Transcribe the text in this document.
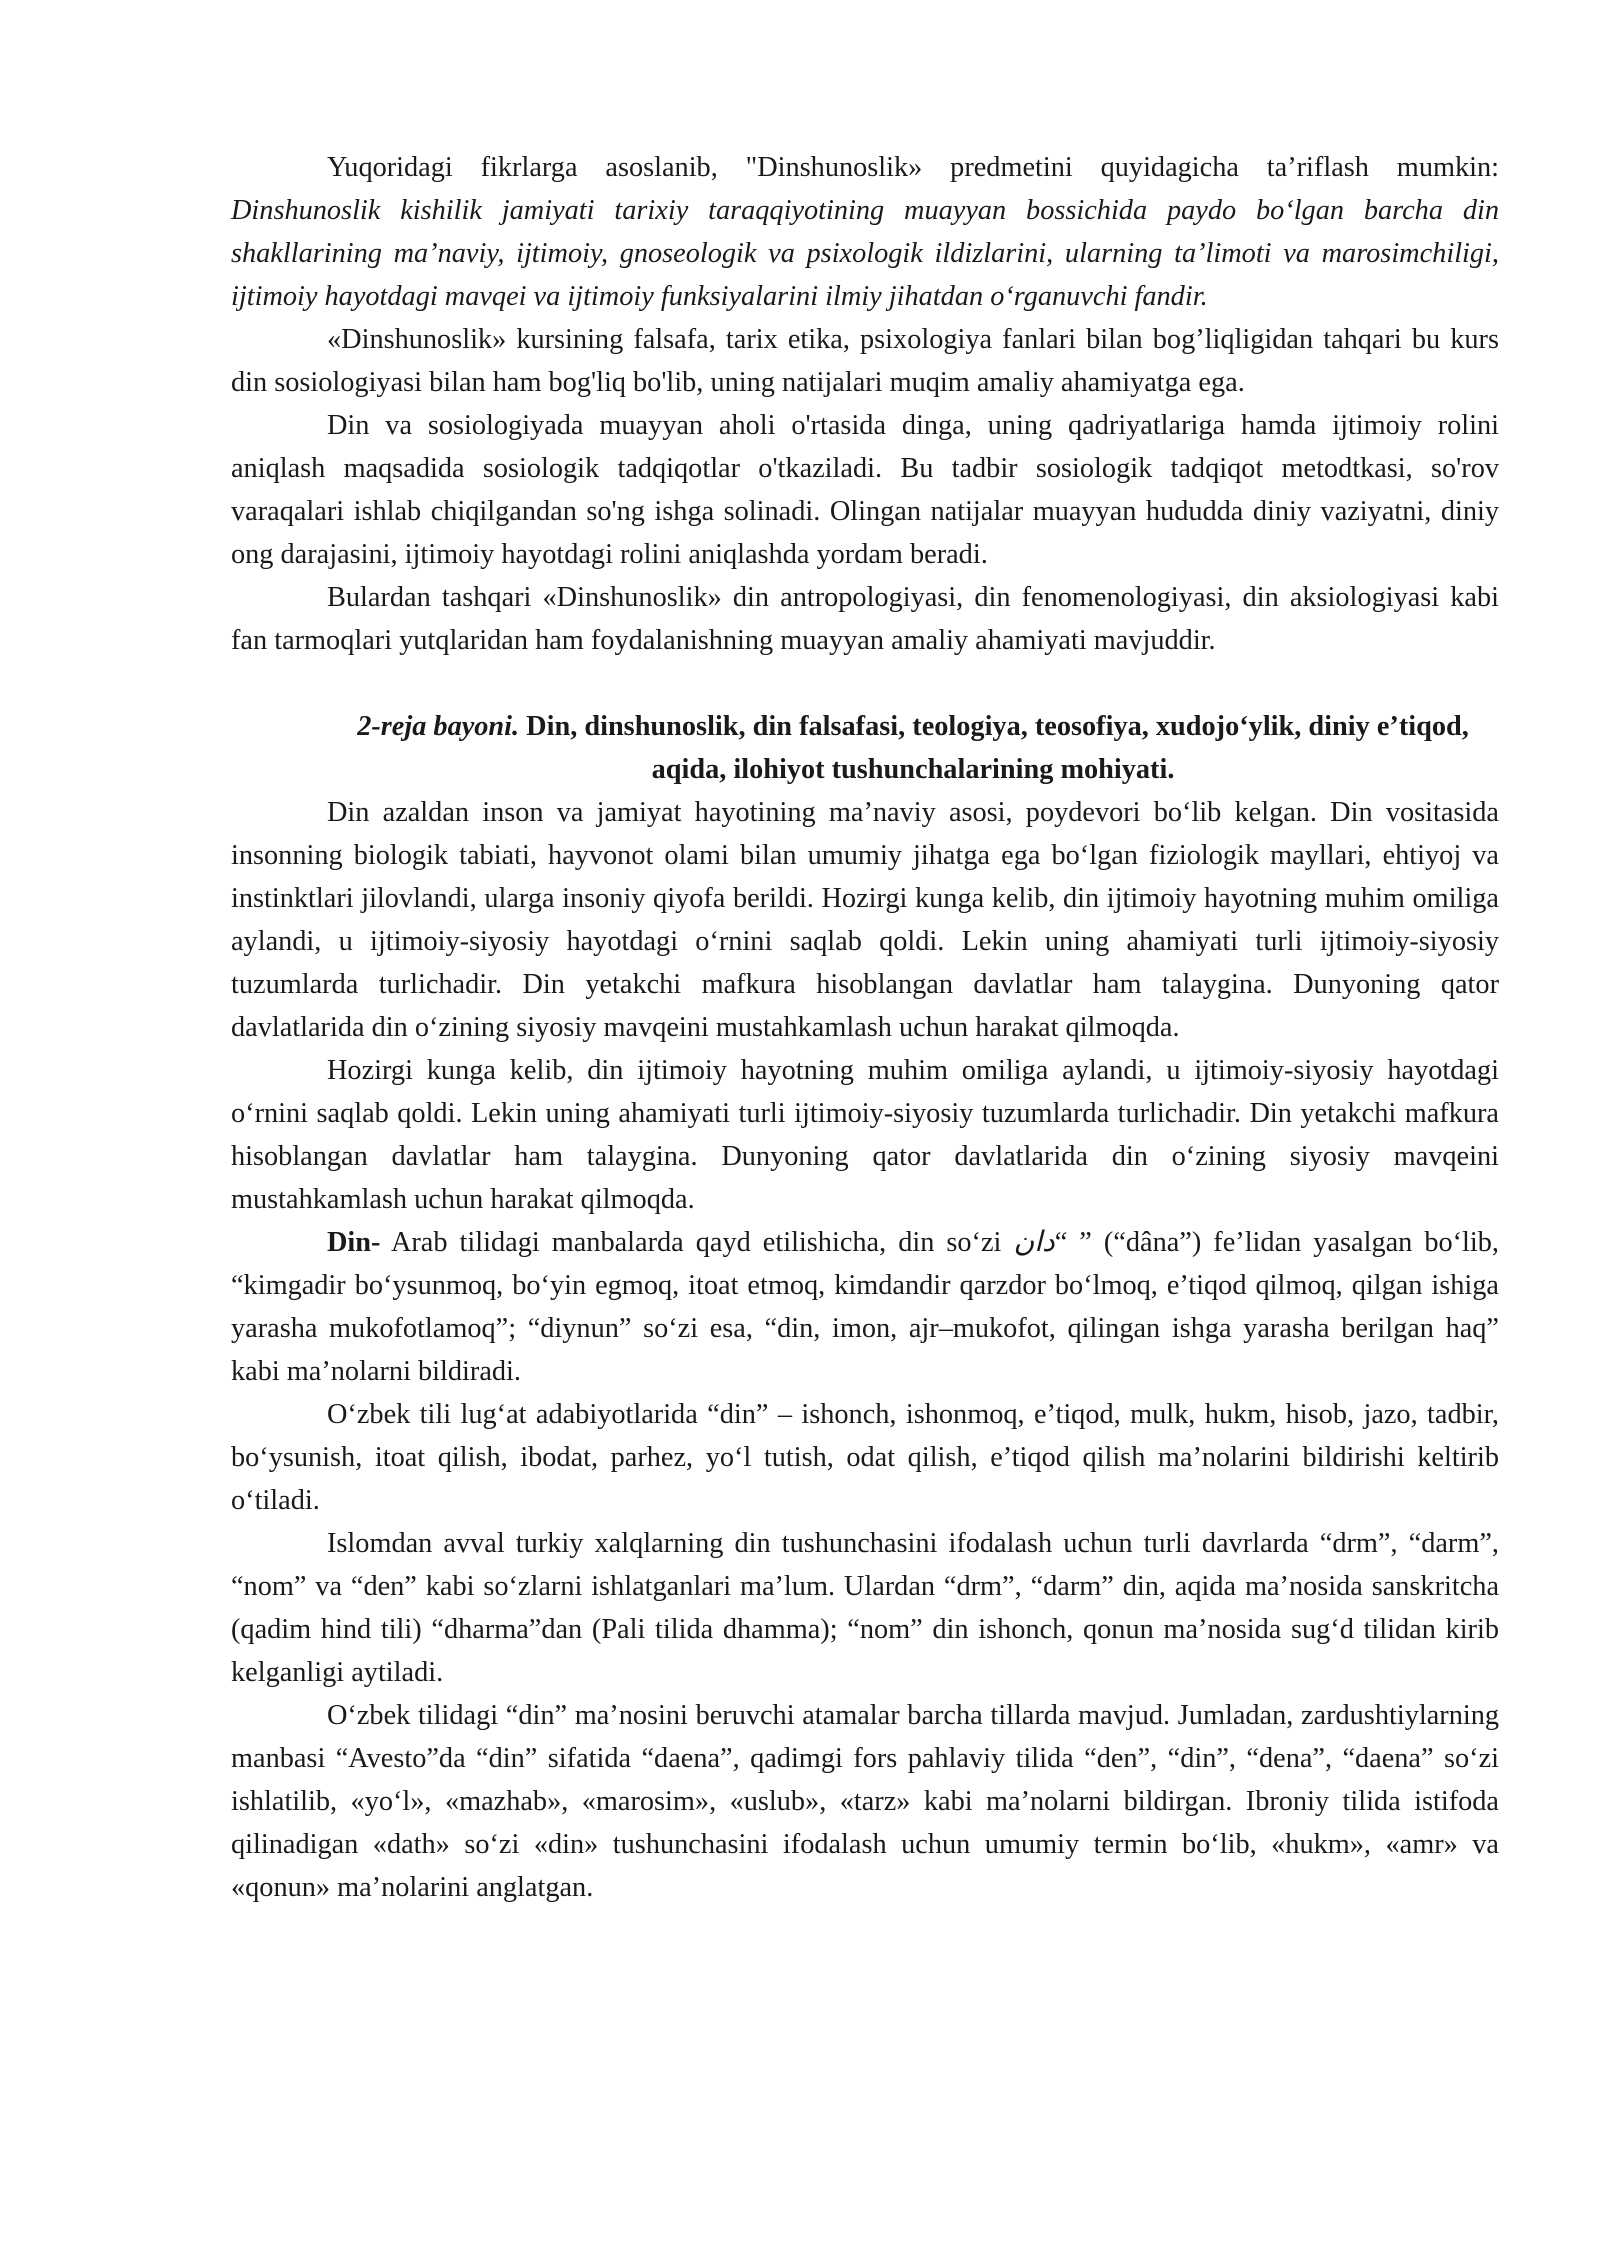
Yuqoridagi fikrlarga asoslanib, "Dinshunoslik» predmetini quyidagicha ta’riflash mumkin: Dinshunoslik kishilik jamiyati tarixiy taraqqiyotining muayyan bossichida paydo bo‘lgan barcha din shakllarining ma’naviy, ijtimoiy, gnoseologik va psixologik ildizlarini, ularning ta’limoti va marosimchiligi, ijtimoiy hayotdagi mavqei va ijtimoiy funksiyalarini ilmiy jihatdan o‘rganuvchi fandir.

«Dinshunoslik» kursining falsafa, tarix etika, psixologiya fanlari bilan bog’liqligidan tahqari bu kurs din sosiologiyasi bilan ham bog'liq bo'lib, uning natijalari muqim amaliy ahamiyatga ega.

Din va sosiologiyada muayyan aholi o'rtasida dinga, uning qadriyatlariga hamda ijtimoiy rolini aniqlash maqsadida sosiologik tadqiqotlar o'tkaziladi. Bu tadbir sosiologik tadqiqot metodtkasi, so'rov varaqalari ishlab chiqilgandan so'ng ishga solinadi. Olingan natijalar muayyan hududda diniy vaziyatni, diniy ong darajasini, ijtimoiy hayotdagi rolini aniqlashda yordam beradi.

Bulardan tashqari «Dinshunoslik» din antropologiyasi, din fenomenologiyasi, din aksiologiyasi kabi fan tarmoqlari yutqlaridan ham foydalanishning muayyan amaliy ahamiyati mavjuddir.

2-reja bayoni. Din, dinshunoslik, din falsafasi, teologiya, teosofiya, xudojo‘ylik, diniy e’tiqod, aqida, ilohiyot tushunchalarining mohiyati.

Din azaldan inson va jamiyat hayotining ma’naviy asosi, poydevori bo‘lib kelgan. Din vositasida insonning biologik tabiati, hayvonot olami bilan umumiy jihatga ega bo‘lgan fiziologik mayllari, ehtiyoj va instinktlari jilovlandi, ularga insoniy qiyofa berildi. Hozirgi kunga kelib, din ijtimoiy hayotning muhim omiliga aylandi, u ijtimoiy-siyosiy hayotdagi o‘rnini saqlab qoldi. Lekin uning ahamiyati turli ijtimoiy-siyosiy tuzumlarda turlichadir. Din yetakchi mafkura hisoblangan davlatlar ham talaygina. Dunyoning qator davlatlarida din o‘zining siyosiy mavqeini mustahkamlash uchun harakat qilmoqda.

Hozirgi kunga kelib, din ijtimoiy hayotning muhim omiliga aylandi, u ijtimoiy-siyosiy hayotdagi o‘rnini saqlab qoldi. Lekin uning ahamiyati turli ijtimoiy-siyosiy tuzumlarda turlichadir. Din yetakchi mafkura hisoblangan davlatlar ham talaygina. Dunyoning qator davlatlarida din o‘zining siyosiy mavqeini mustahkamlash uchun harakat qilmoqda.

Din- Arab tilidagi manbalarda qayd etilishicha, din so‘zi دان“ ” (“dâna”) fe’lidan yasalgan bo‘lib, “kimgadir bo‘ysunmoq, bo‘yin egmoq, itoat etmoq, kimdandir qarzdor bo‘lmoq, e’tiqod qilmoq, qilgan ishiga yarasha mukofotlamoq”; “diynun” so‘zi esa, “din, imon, ajr–mukofot, qilingan ishga yarasha berilgan haq” kabi ma’nolarni bildiradi.

O‘zbek tili lug‘at adabiyotlarida “din” – ishonch, ishonmoq, e’tiqod, mulk, hukm, hisob, jazo, tadbir, bo‘ysunish, itoat qilish, ibodat, parhez, yo‘l tutish, odat qilish, e’tiqod qilish ma’nolarini bildirishi keltirib o‘tiladi.

Islomdan avval turkiy xalqlarning din tushunchasini ifodalash uchun turli davrlarda “drm”, “darm”, “nom” va “den” kabi so‘zlarni ishlatganlari ma’lum. Ulardan “drm”, “darm” din, aqida ma’nosida sanskritcha (qadim hind tili) “dharma”dan (Pali tilida dhamma); “nom” din ishonch, qonun ma’nosida sug‘d tilidan kirib kelganligi aytiladi.

O‘zbek tilidagi “din” ma’nosini beruvchi atamalar barcha tillarda mavjud. Jumladan, zardushtiylarning manbasi “Avesto”da “din” sifatida “daena”, qadimgi fors pahlaviy tilida “den”, “din”, “dena”, “daena” so‘zi ishlatilib, «yo‘l», «mazhab», «marosim», «uslub», «tarz» kabi ma’nolarni bildirgan. Ibroniy tilida istifoda qilinadigan «dath» so‘zi «din» tushunchasini ifodalash uchun umumiy termin bo‘lib, «hukm», «amr» va «qonun» ma’nolarini anglatgan.
